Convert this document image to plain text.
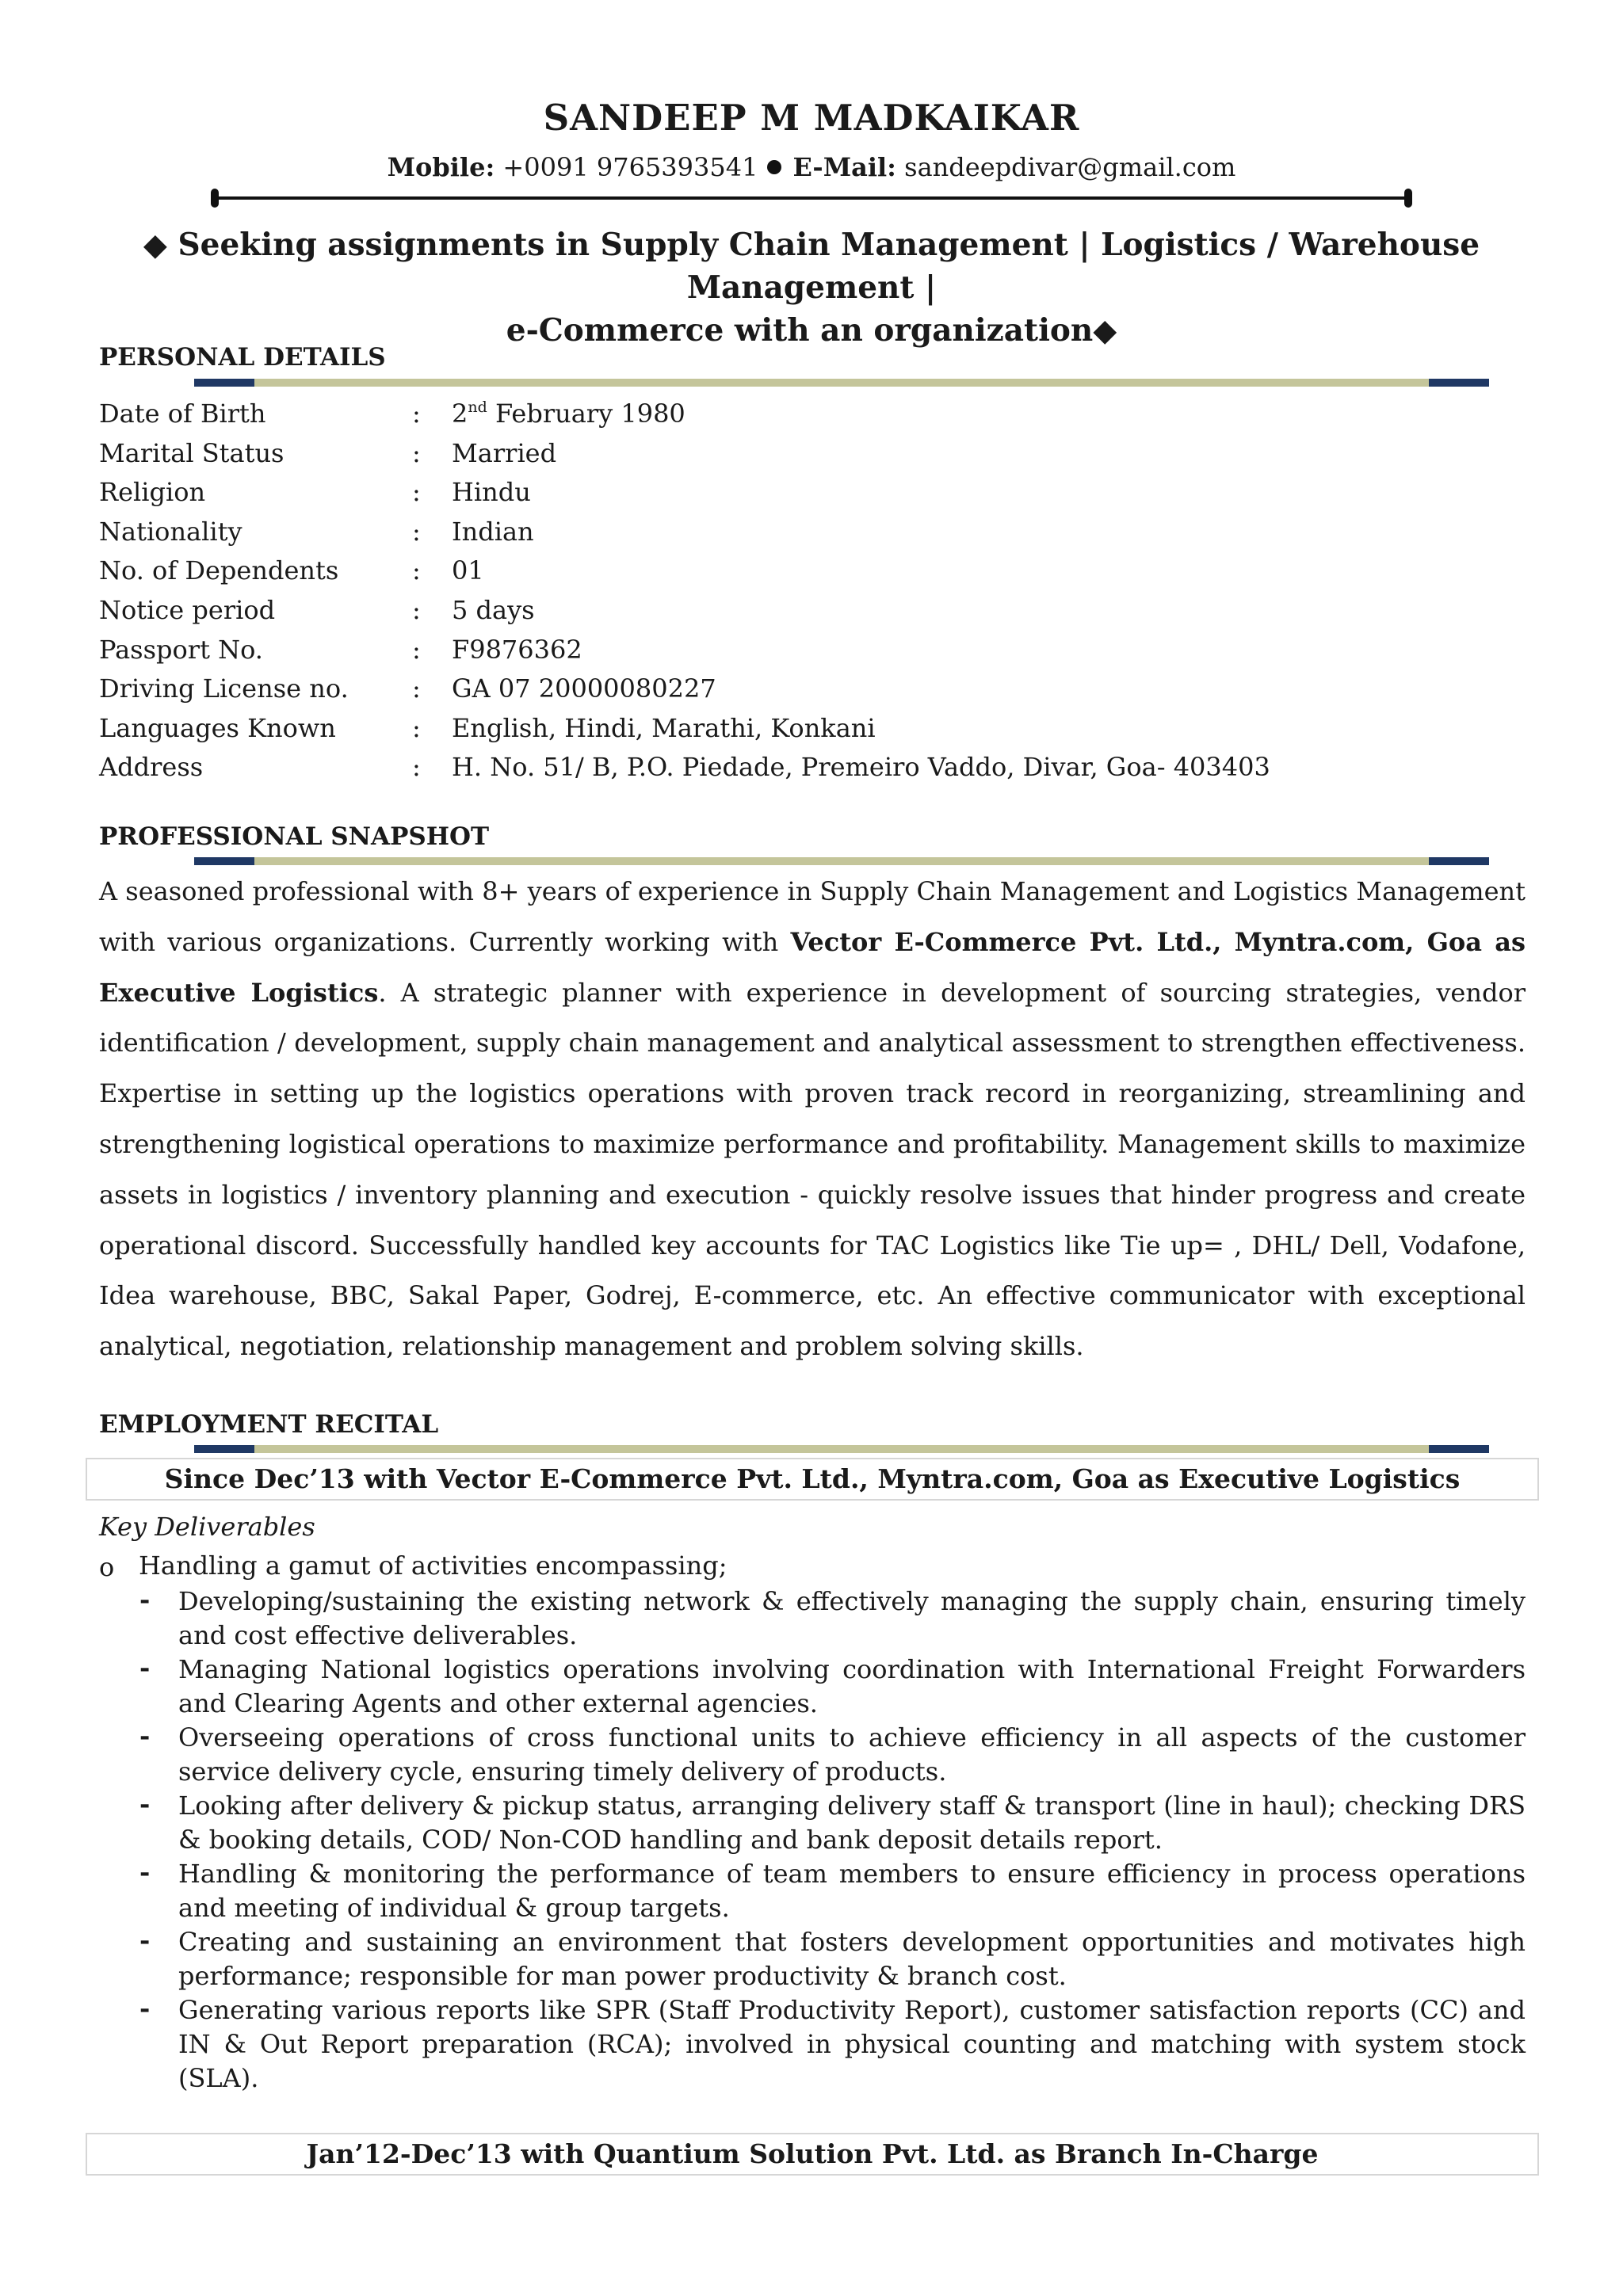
SANDEEP M MADKAIKAR
Mobile: +0091 9765393541 E-Mail: sandeepdivar@gmail.com
◆ Seeking assignments in Supply Chain Management | Logistics / Warehouse Management |
e-Commerce with an organization◆
PERSONAL DETAILS
Date of Birth	: 2nd February 1980
Marital Status	: Married
Religion	: Hindu
Nationality	: Indian
No. of Dependents	: 01
Notice period	: 5 days
Passport No.	: F9876362
Driving License no.	: GA 07 20000080227
Languages Known	: English, Hindi, Marathi, Konkani
Address	: H. No. 51/ B, P.O. Piedade, Premeiro Vaddo, Divar, Goa- 403403
PROFESSIONAL SNAPSHOT
A seasoned professional with 8+ years of experience in Supply Chain Management and Logistics Management with various organizations. Currently working with Vector E-Commerce Pvt. Ltd., Myntra.com, Goa as Executive Logistics. A strategic planner with experience in development of sourcing strategies, vendor identification / development, supply chain management and analytical assessment to strengthen effectiveness. Expertise in setting up the logistics operations with proven track record in reorganizing, streamlining and strengthening logistical operations to maximize performance and profitability. Management skills to maximize assets in logistics / inventory planning and execution - quickly resolve issues that hinder progress and create operational discord. Successfully handled key accounts for TAC Logistics like Tie up= , DHL/ Dell, Vodafone, Idea warehouse, BBC, Sakal Paper, Godrej, E-commerce, etc. An effective communicator with exceptional analytical, negotiation, relationship management and problem solving skills.
EMPLOYMENT RECITAL
Since Dec’13 with Vector E-Commerce Pvt. Ltd., Myntra.com, Goa as Executive Logistics
Key Deliverables
o Handling a gamut of activities encompassing;
- Developing/sustaining the existing network & effectively managing the supply chain, ensuring timely and cost effective deliverables.
- Managing National logistics operations involving coordination with International Freight Forwarders and Clearing Agents and other external agencies.
- Overseeing operations of cross functional units to achieve efficiency in all aspects of the customer service delivery cycle, ensuring timely delivery of products.
- Looking after delivery & pickup status, arranging delivery staff & transport (line in haul); checking DRS & booking details, COD/ Non-COD handling and bank deposit details report.
- Handling & monitoring the performance of team members to ensure efficiency in process operations and meeting of individual & group targets.
- Creating and sustaining an environment that fosters development opportunities and motivates high performance; responsible for man power productivity & branch cost.
- Generating various reports like SPR (Staff Productivity Report), customer satisfaction reports (CC) and IN & Out Report preparation (RCA); involved in physical counting and matching with system stock (SLA).
Jan’12-Dec’13 with Quantium Solution Pvt. Ltd. as Branch In-Charge
